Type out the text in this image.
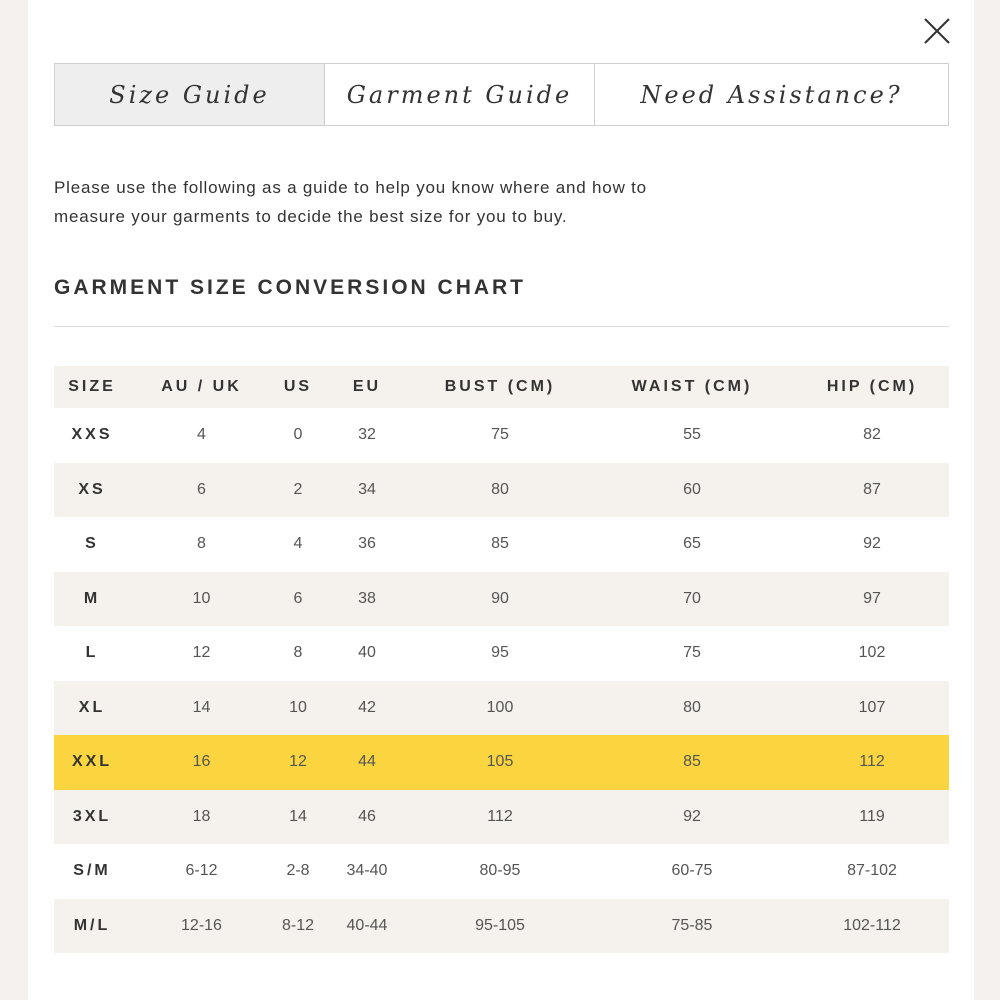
Size Guide	Garment Guide	Need Assistance?
Please use the following as a guide to help you know where and how to
measure your garments to decide the best size for you to buy.
GARMENT SIZE CONVERSION CHART
SIZE	AU / UK	US	EU	BUST (CM)	WAIST (CM)	HIP (CM)
XXS	4	0	32	75	55	82
XS	6	2	34	80	60	87
S	8	4	36	85	65	92
M	10	6	38	90	70	97
L	12	8	40	95	75	102
XL	14	10	42	100	80	107
XXL	16	12	44	105	85	112
3XL	18	14	46	112	92	119
S/M	6-12	2-8	34-40	80-95	60-75	87-102
M/L	12-16	8-12	40-44	95-105	75-85	102-112
